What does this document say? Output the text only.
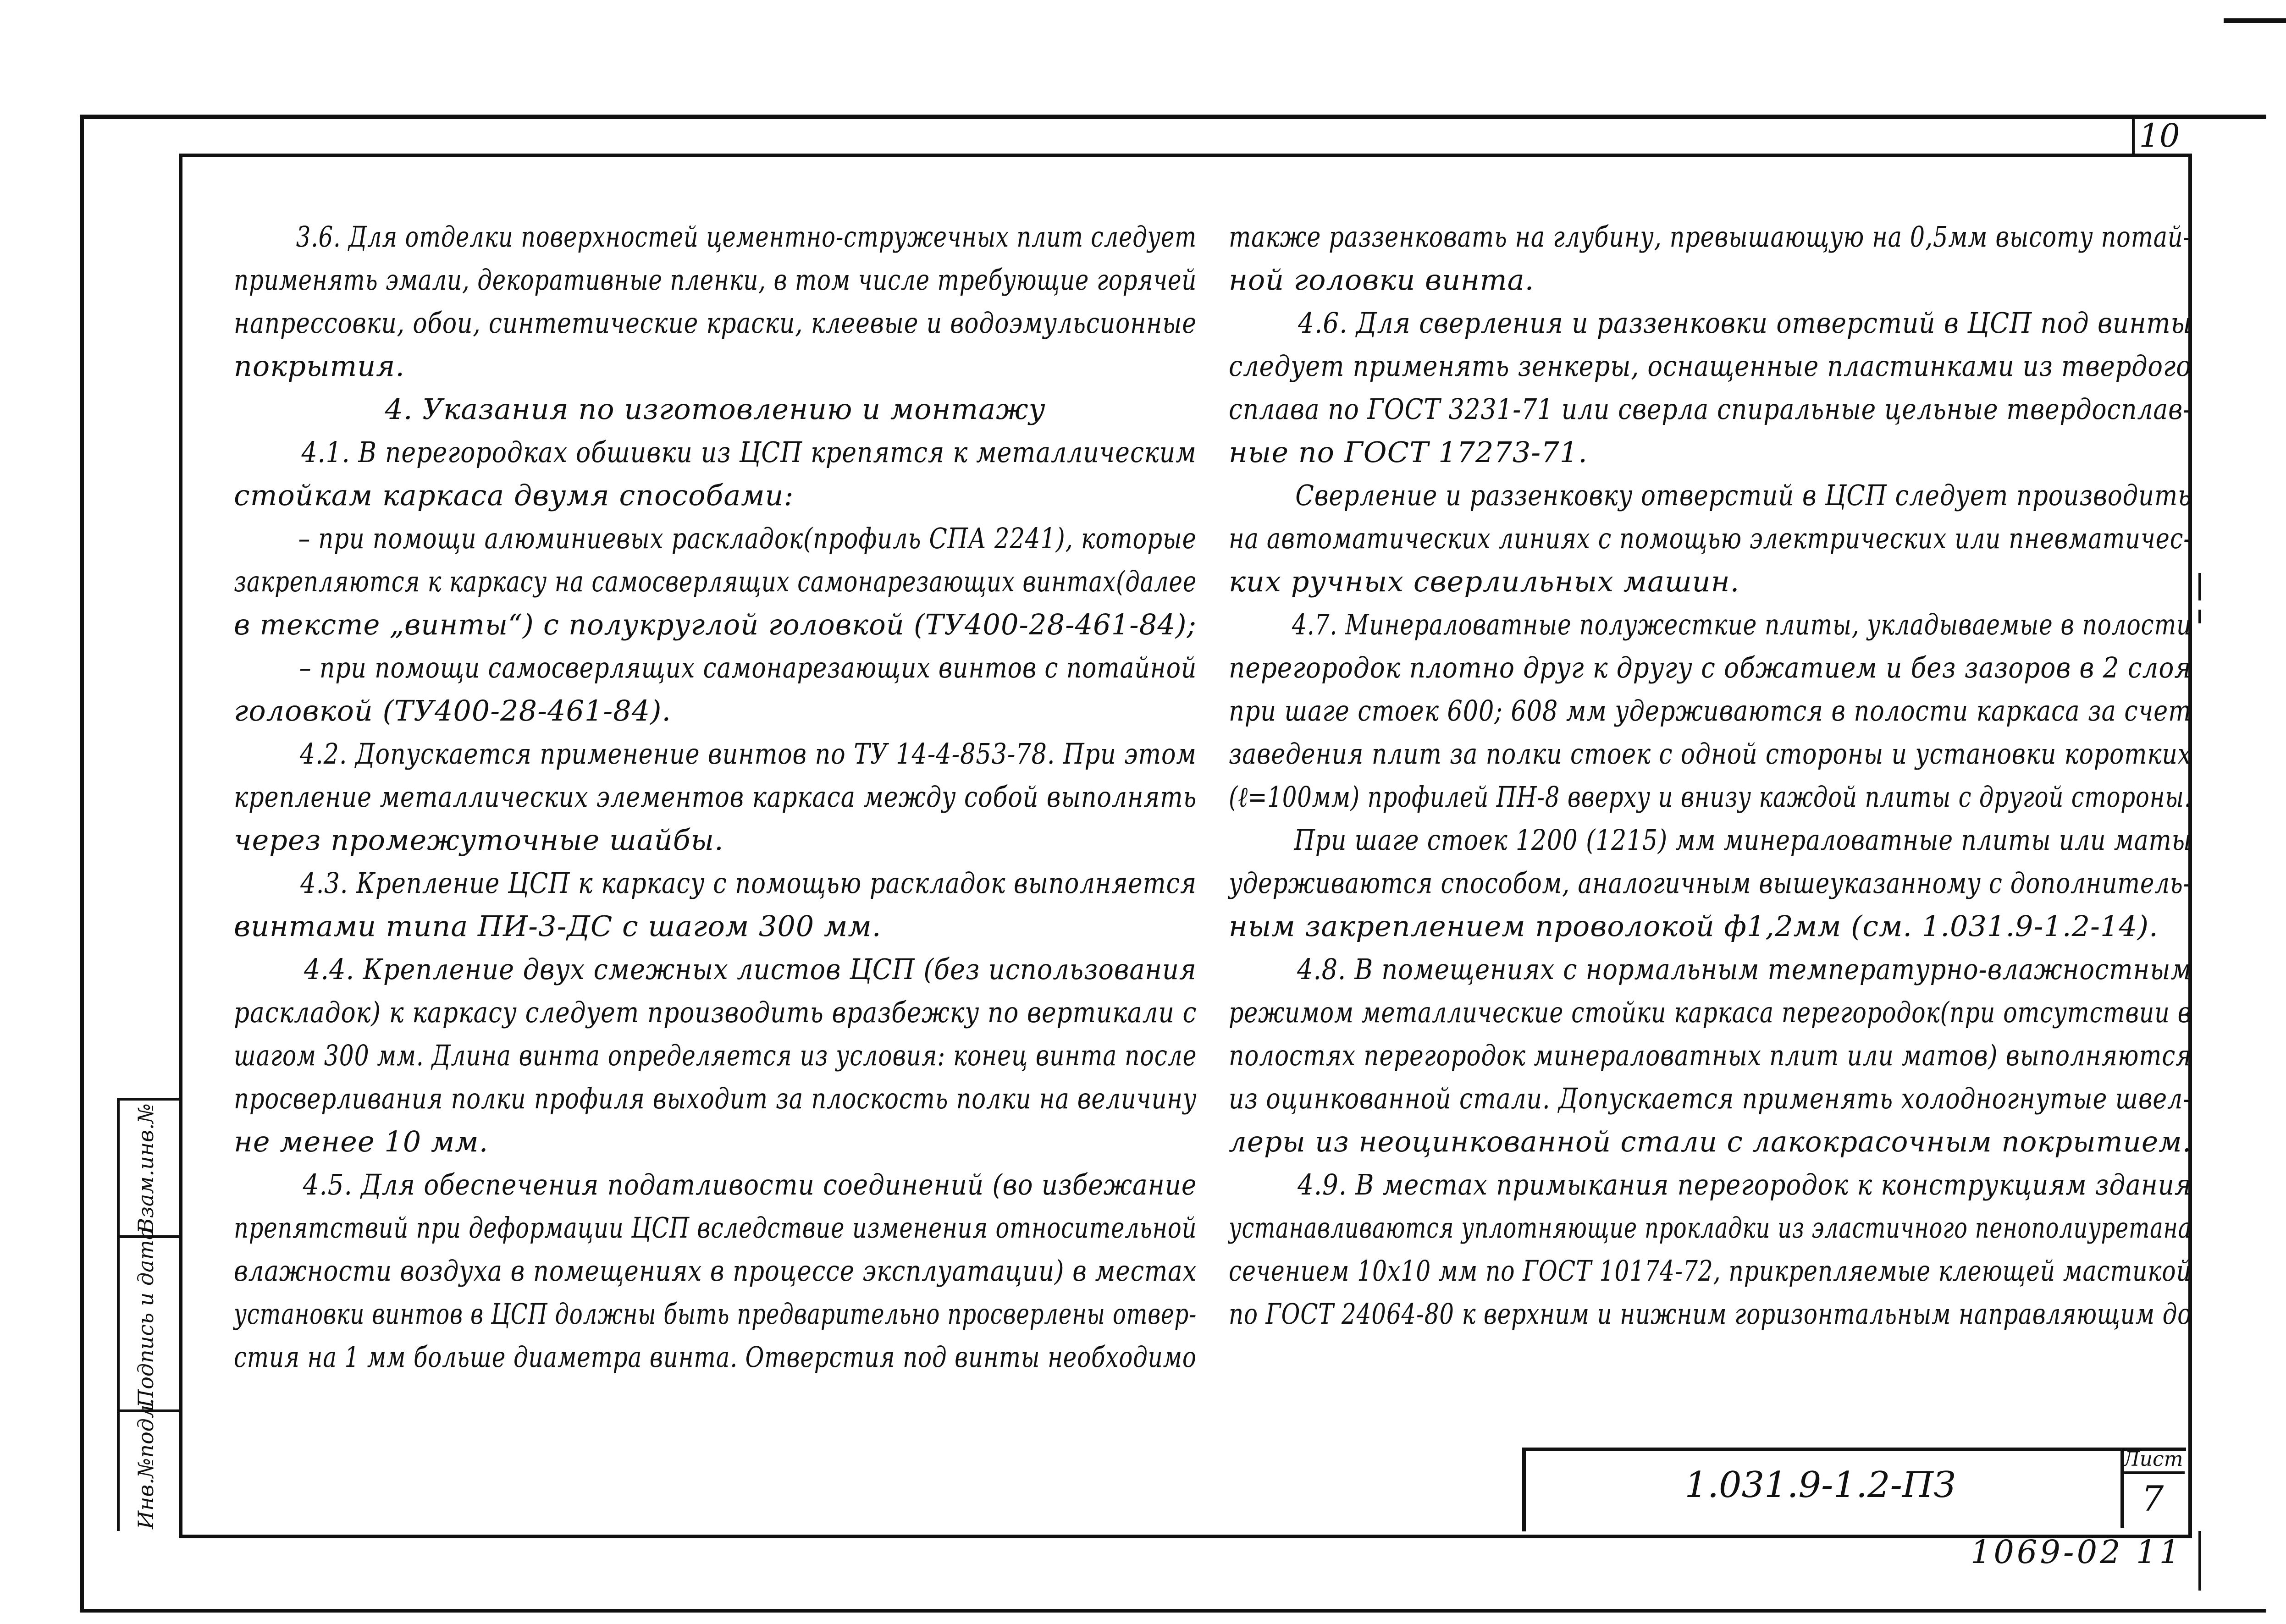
10
Взам.инв.№
Подпись и дата
Инв.№подл.

3.6. Для отделки поверхностей цементно-стружечных плит следует

применять эмали, декоративные пленки, в том числе требующие горячей

напрессовки, обои, синтетические краски, клеевые и водоэмульсионные

покрытия.

4. Указания по изготовлению и монтажу

4.1. В перегородках обшивки из ЦСП крепятся к металлическим

стойкам каркаса двумя способами:

– при помощи алюминиевых раскладок(профиль СПА 2241), которые

закрепляются к каркасу на самосверлящих самонарезающих винтах(далее

в тексте „винты“) с полукруглой головкой (ТУ400-28-461-84);

– при помощи самосверлящих самонарезающих винтов с потайной

головкой (ТУ400-28-461-84).

4.2. Допускается применение винтов по ТУ 14-4-853-78. При этом

крепление металлических элементов каркаса между собой выполнять

через промежуточные шайбы.

4.3. Крепление ЦСП к каркасу с помощью раскладок выполняется

винтами типа ПИ-3-ДС с шагом 300 мм.

4.4. Крепление двух смежных листов ЦСП (без использования

раскладок) к каркасу следует производить вразбежку по вертикали с

шагом 300 мм. Длина винта определяется из условия: конец винта после

просверливания полки профиля выходит за плоскость полки на величину

не менее 10 мм.

4.5. Для обеспечения податливости соединений (во избежание

препятствий при деформации ЦСП вследствие изменения относительной

влажности воздуха в помещениях в процессе эксплуатации) в местах

установки винтов в ЦСП должны быть предварительно просверлены отвер-

стия на 1 мм больше диаметра винта. Отверстия под винты необходимо

также раззенковать на глубину, превышающую на 0,5мм высоту потай-

ной головки винта.

4.6. Для сверления и раззенковки отверстий в ЦСП под винты

следует применять зенкеры, оснащенные пластинками из твердого

сплава по ГОСТ 3231-71 или сверла спиральные цельные твердосплав-

ные по ГОСТ 17273-71.

Сверление и раззенковку отверстий в ЦСП следует производить

на автоматических линиях с помощью электрических или пневматичес-

ких ручных сверлильных машин.

4.7. Минераловатные полужесткие плиты, укладываемые в полости

перегородок плотно друг к другу с обжатием и без зазоров в 2 слоя

при шаге стоек 600; 608 мм удерживаются в полости каркаса за счет

заведения плит за полки стоек с одной стороны и установки коротких

(ℓ=100мм) профилей ПН-8 вверху и внизу каждой плиты с другой стороны.

При шаге стоек 1200 (1215) мм минераловатные плиты или маты

удерживаются способом, аналогичным вышеуказанному с дополнитель-

ным закреплением проволокой ф1,2мм (см. 1.031.9-1.2-14).

4.8. В помещениях с нормальным температурно-влажностным

режимом металлические стойки каркаса перегородок(при отсутствии в

полостях перегородок минераловатных плит или матов) выполняются

из оцинкованной стали. Допускается применять холодногнутые швел-

леры из неоцинкованной стали с лакокрасочным покрытием.

4.9. В местах примыкания перегородок к конструкциям здания

устанавливаются уплотняющие прокладки из эластичного пенополиуретана

сечением 10х10 мм по ГОСТ 10174-72, прикрепляемые клеющей мастикой

по ГОСТ 24064-80 к верхним и нижним горизонтальным направляющим до

1.031.9-1.2-ПЗ
Лист
7
1069-02 11
